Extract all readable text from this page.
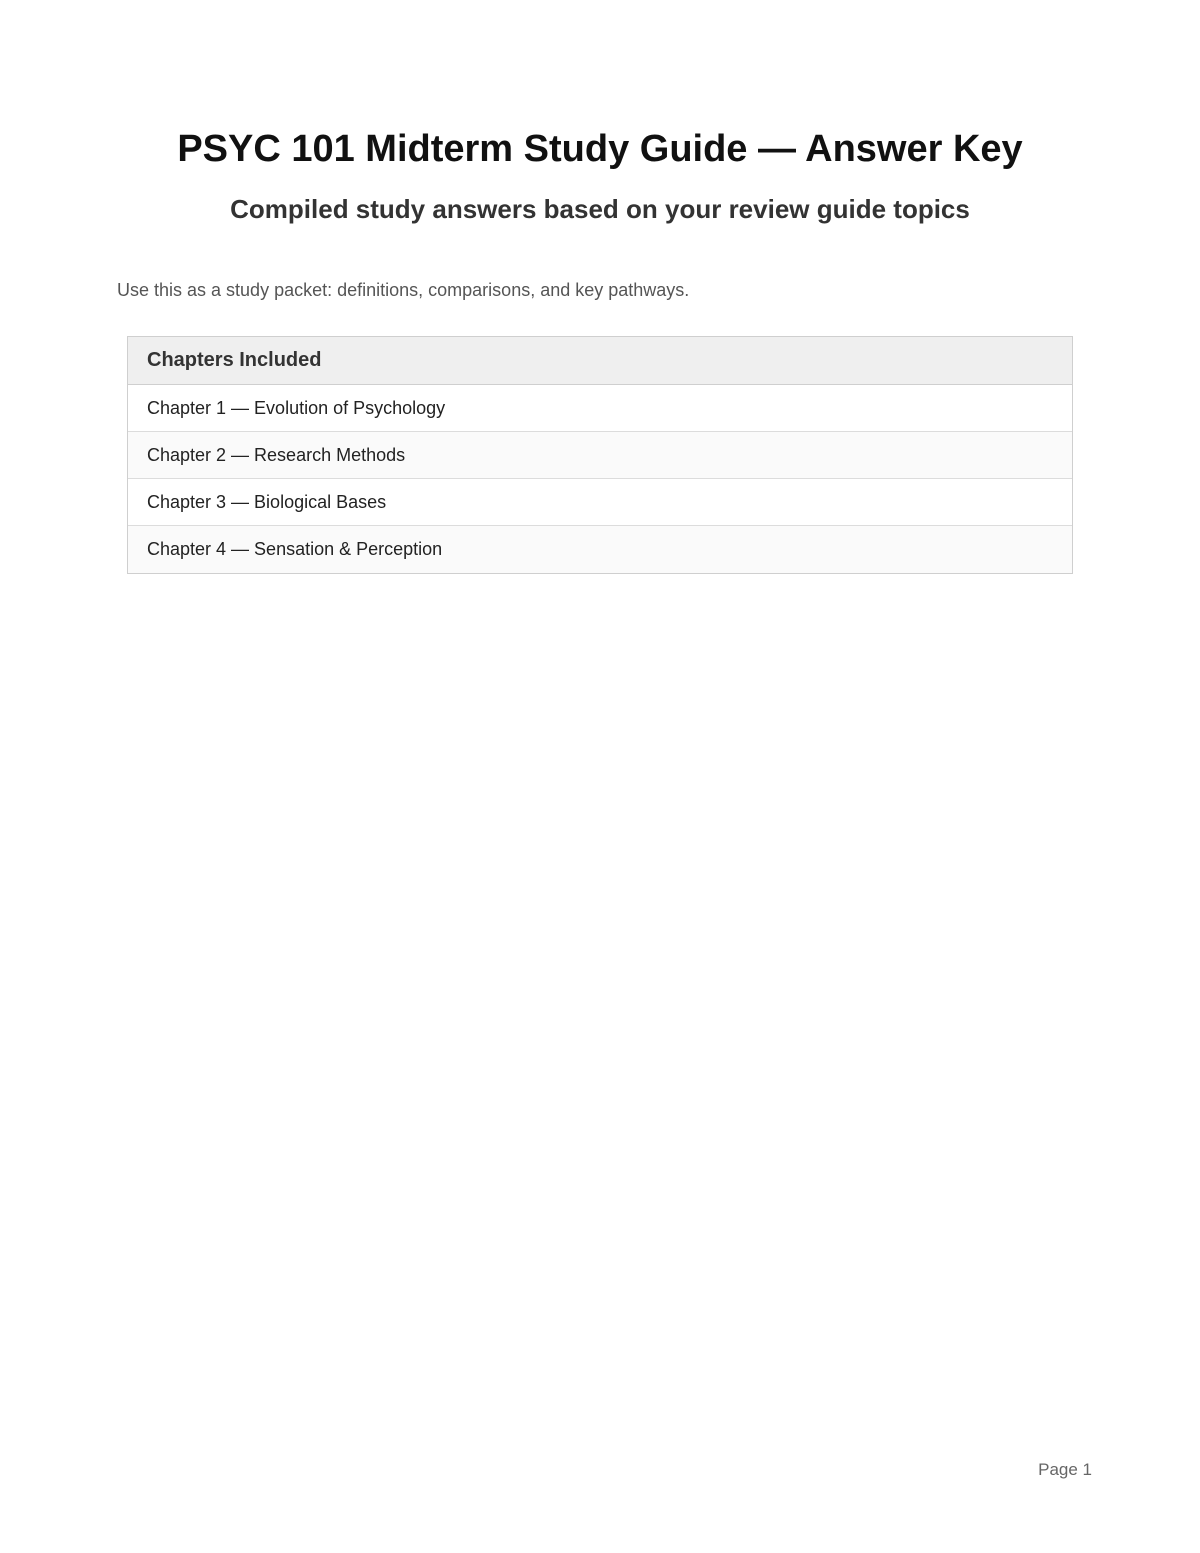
PSYC 101 Midterm Study Guide — Answer Key
Compiled study answers based on your review guide topics

Use this as a study packet: definitions, comparisons, and key pathways.

Chapters Included
Chapter 1 — Evolution of Psychology
Chapter 2 — Research Methods
Chapter 3 — Biological Bases
Chapter 4 — Sensation & Perception

Page 1
